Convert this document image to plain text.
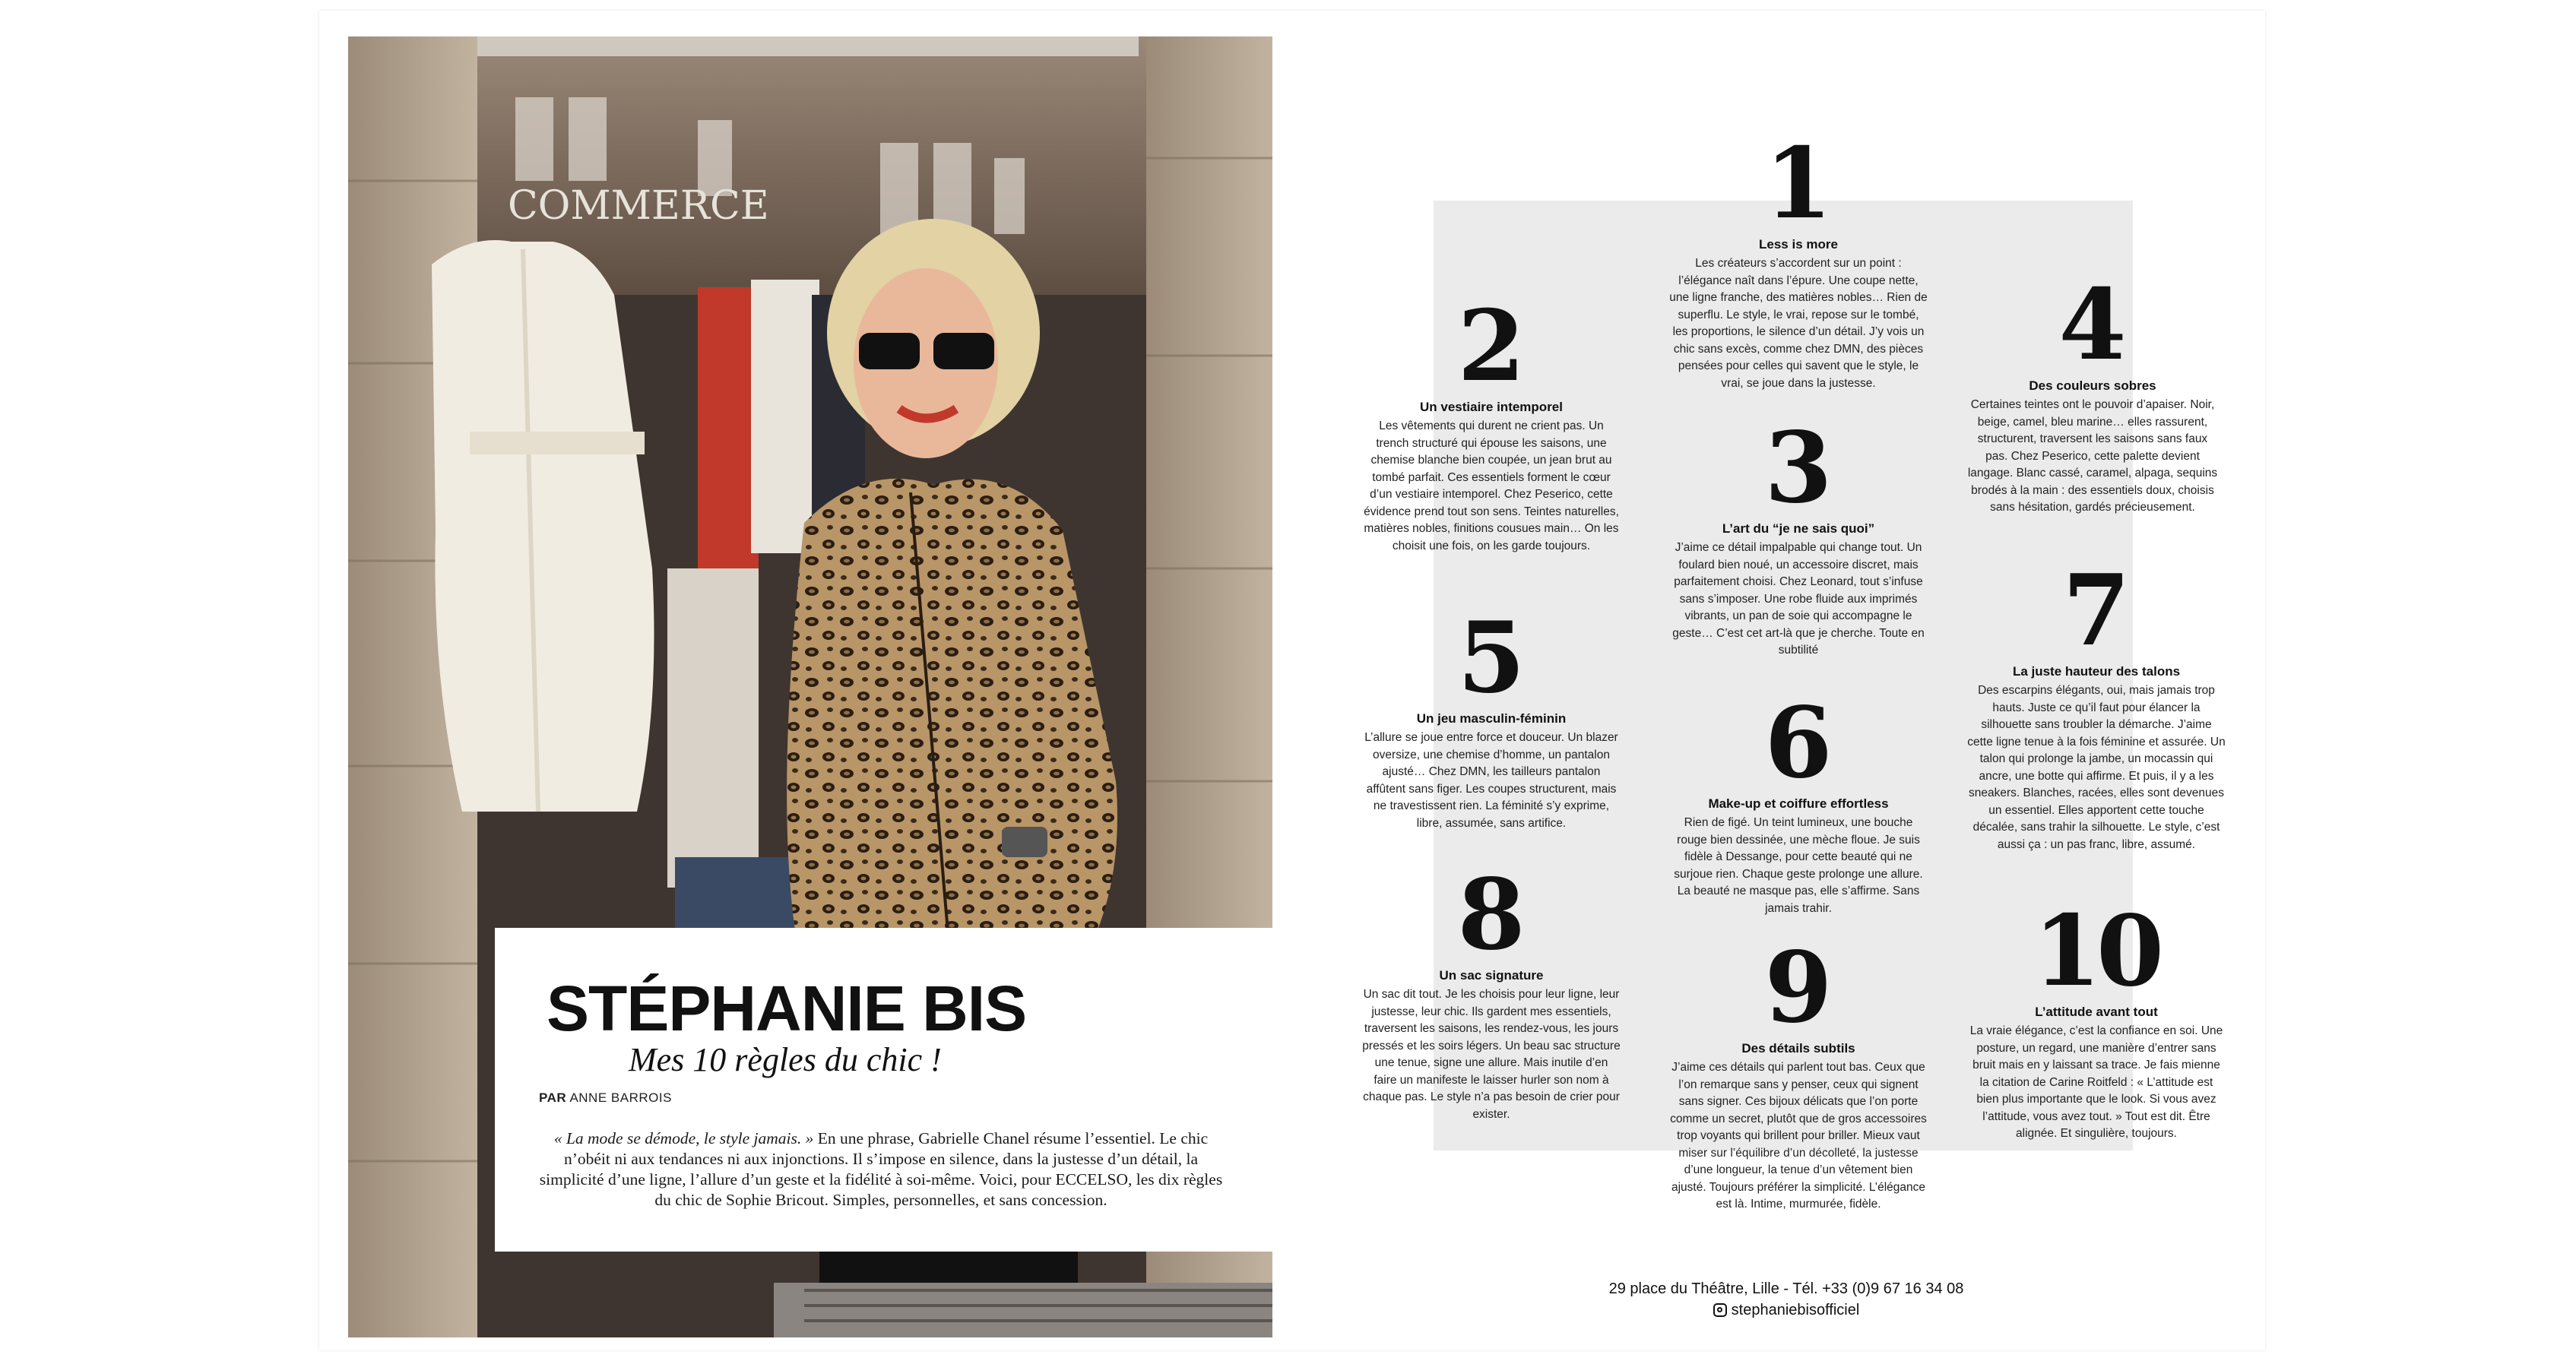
COMMERCE
STÉPHANIE BIS
Mes 10 règles du chic !
PAR ANNE BARROIS
« La mode se démode, le style jamais. » En une phrase, Gabrielle Chanel résume l’essentiel. Le chic n’obéit ni aux tendances ni aux injonctions. Il s’impose en silence, dans la justesse d’un détail, la simplicité d’une ligne, l’allure d’un geste et la fidélité à soi-même. Voici, pour ECCELSO, les dix règles du chic de Sophie Bricout. Simples, personnelles, et sans concession.
1
Less is more
Les créateurs s’accordent sur un point : l’élégance naît dans l’épure. Une coupe nette, une ligne franche, des matières nobles… Rien de superflu. Le style, le vrai, repose sur le tombé, les proportions, le silence d’un détail. J’y vois un chic sans excès, comme chez DMN, des pièces pensées pour celles qui savent que le style, le vrai, se joue dans la justesse.
2
Un vestiaire intemporel
Les vêtements qui durent ne crient pas. Un trench structuré qui épouse les saisons, une chemise blanche bien coupée, un jean brut au tombé parfait. Ces essentiels forment le cœur d’un vestiaire intemporel. Chez Peserico, cette évidence prend tout son sens. Teintes naturelles, matières nobles, finitions cousues main… On les choisit une fois, on les garde toujours.
3
L’art du “je ne sais quoi”
J’aime ce détail impalpable qui change tout. Un foulard bien noué, un accessoire discret, mais parfaitement choisi. Chez Leonard, tout s’infuse sans s’imposer. Une robe fluide aux imprimés vibrants, un pan de soie qui accompagne le geste… C’est cet art-là que je cherche. Toute en subtilité
4
Des couleurs sobres
Certaines teintes ont le pouvoir d’apaiser. Noir, beige, camel, bleu marine… elles rassurent, structurent, traversent les saisons sans faux pas. Chez Peserico, cette palette devient langage. Blanc cassé, caramel, alpaga, sequins brodés à la main : des essentiels doux, choisis sans hésitation, gardés précieusement.
5
Un jeu masculin-féminin
L’allure se joue entre force et douceur. Un blazer oversize, une chemise d’homme, un pantalon ajusté… Chez DMN, les tailleurs pantalon affûtent sans figer. Les coupes structurent, mais ne travestissent rien. La féminité s’y exprime, libre, assumée, sans artifice.
6
Make-up et coiffure effortless
Rien de figé. Un teint lumineux, une bouche rouge bien dessinée, une mèche floue. Je suis fidèle à Dessange, pour cette beauté qui ne surjoue rien. Chaque geste prolonge une allure. La beauté ne masque pas, elle s’affirme. Sans jamais trahir.
7
La juste hauteur des talons
Des escarpins élégants, oui, mais jamais trop hauts. Juste ce qu’il faut pour élancer la silhouette sans troubler la démarche. J’aime cette ligne tenue à la fois féminine et assurée. Un talon qui prolonge la jambe, un mocassin qui ancre, une botte qui affirme. Et puis, il y a les sneakers. Blanches, racées, elles sont devenues un essentiel. Elles apportent cette touche décalée, sans trahir la silhouette. Le style, c’est aussi ça : un pas franc, libre, assumé.
8
Un sac signature
Un sac dit tout. Je les choisis pour leur ligne, leur justesse, leur chic. Ils gardent mes essentiels, traversent les saisons, les rendez-vous, les jours pressés et les soirs légers. Un beau sac structure une tenue, signe une allure. Mais inutile d’en faire un manifeste le laisser hurler son nom à chaque pas. Le style n’a pas besoin de crier pour exister.
9
Des détails subtils
J’aime ces détails qui parlent tout bas. Ceux que l’on remarque sans y penser, ceux qui signent sans signer. Ces bijoux délicats que l’on porte comme un secret, plutôt que de gros accessoires trop voyants qui brillent pour briller. Mieux vaut miser sur l’équilibre d’un décolleté, la justesse d’une longueur, la tenue d’un vêtement bien ajusté. Toujours préférer la simplicité. L’élégance est là. Intime, murmurée, fidèle.
10
L’attitude avant tout
La vraie élégance, c’est la confiance en soi. Une posture, un regard, une manière d’entrer sans bruit mais en y laissant sa trace. Je fais mienne la citation de Carine Roitfeld : « L’attitude est bien plus importante que le look. Si vous avez l’attitude, vous avez tout. » Tout est dit. Être alignée. Et singulière, toujours.
29 place du Théâtre, Lille - Tél. +33 (0)9 67 16 34 08
stephaniebisofficiel
